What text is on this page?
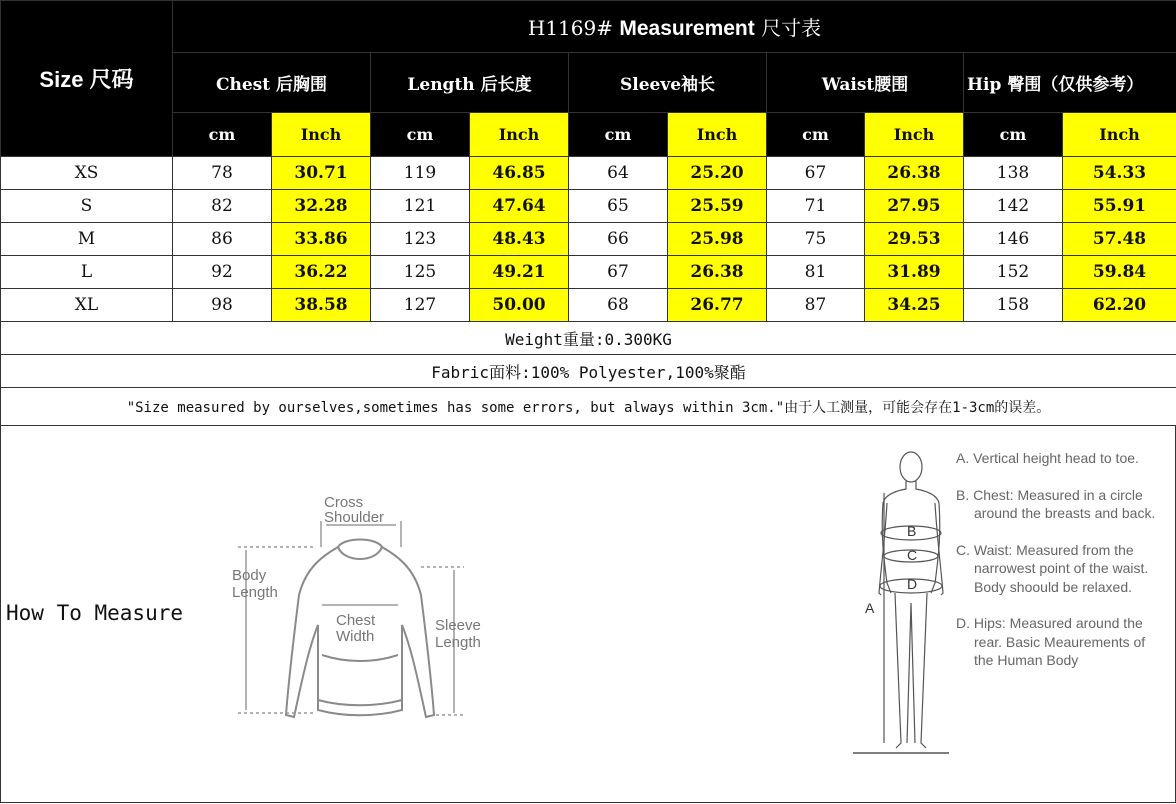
Size 尺码	H1169# Measurement 尺寸表									
	Chest 后胸围		Length 后长度		Sleeve袖长		Waist腰围		Hip 臀围（仅供参考）	
	cm	Inch	cm	Inch	cm	Inch	cm	Inch	cm	Inch
XS	78	30.71	119	46.85	64	25.20	67	26.38	138	54.33
S	82	32.28	121	47.64	65	25.59	71	27.95	142	55.91
M	86	33.86	123	48.43	66	25.98	75	29.53	146	57.48
L	92	36.22	125	49.21	67	26.38	81	31.89	152	59.84
XL	98	38.58	127	50.00	68	26.77	87	34.25	158	62.20
Weight重量:0.300KG										
Fabric面料:100% Polyester,100%聚酯										
"Size measured by ourselves,sometimes has some errors, but always within 3cm."由于人工测量，可能会存在1-3cm的误差。										
How To Measure
Cross
Shoulder
Body
Length
Chest
Width
Sleeve
Length
B
C
D
A
A. Vertical height head to toe.
B. Chest: Measured in a circle around the breasts and back.
C. Waist: Measured from the narrowest point of the waist. Body shoould be relaxed.
D. Hips: Measured around the rear. Basic Meaurements of the Human Body
